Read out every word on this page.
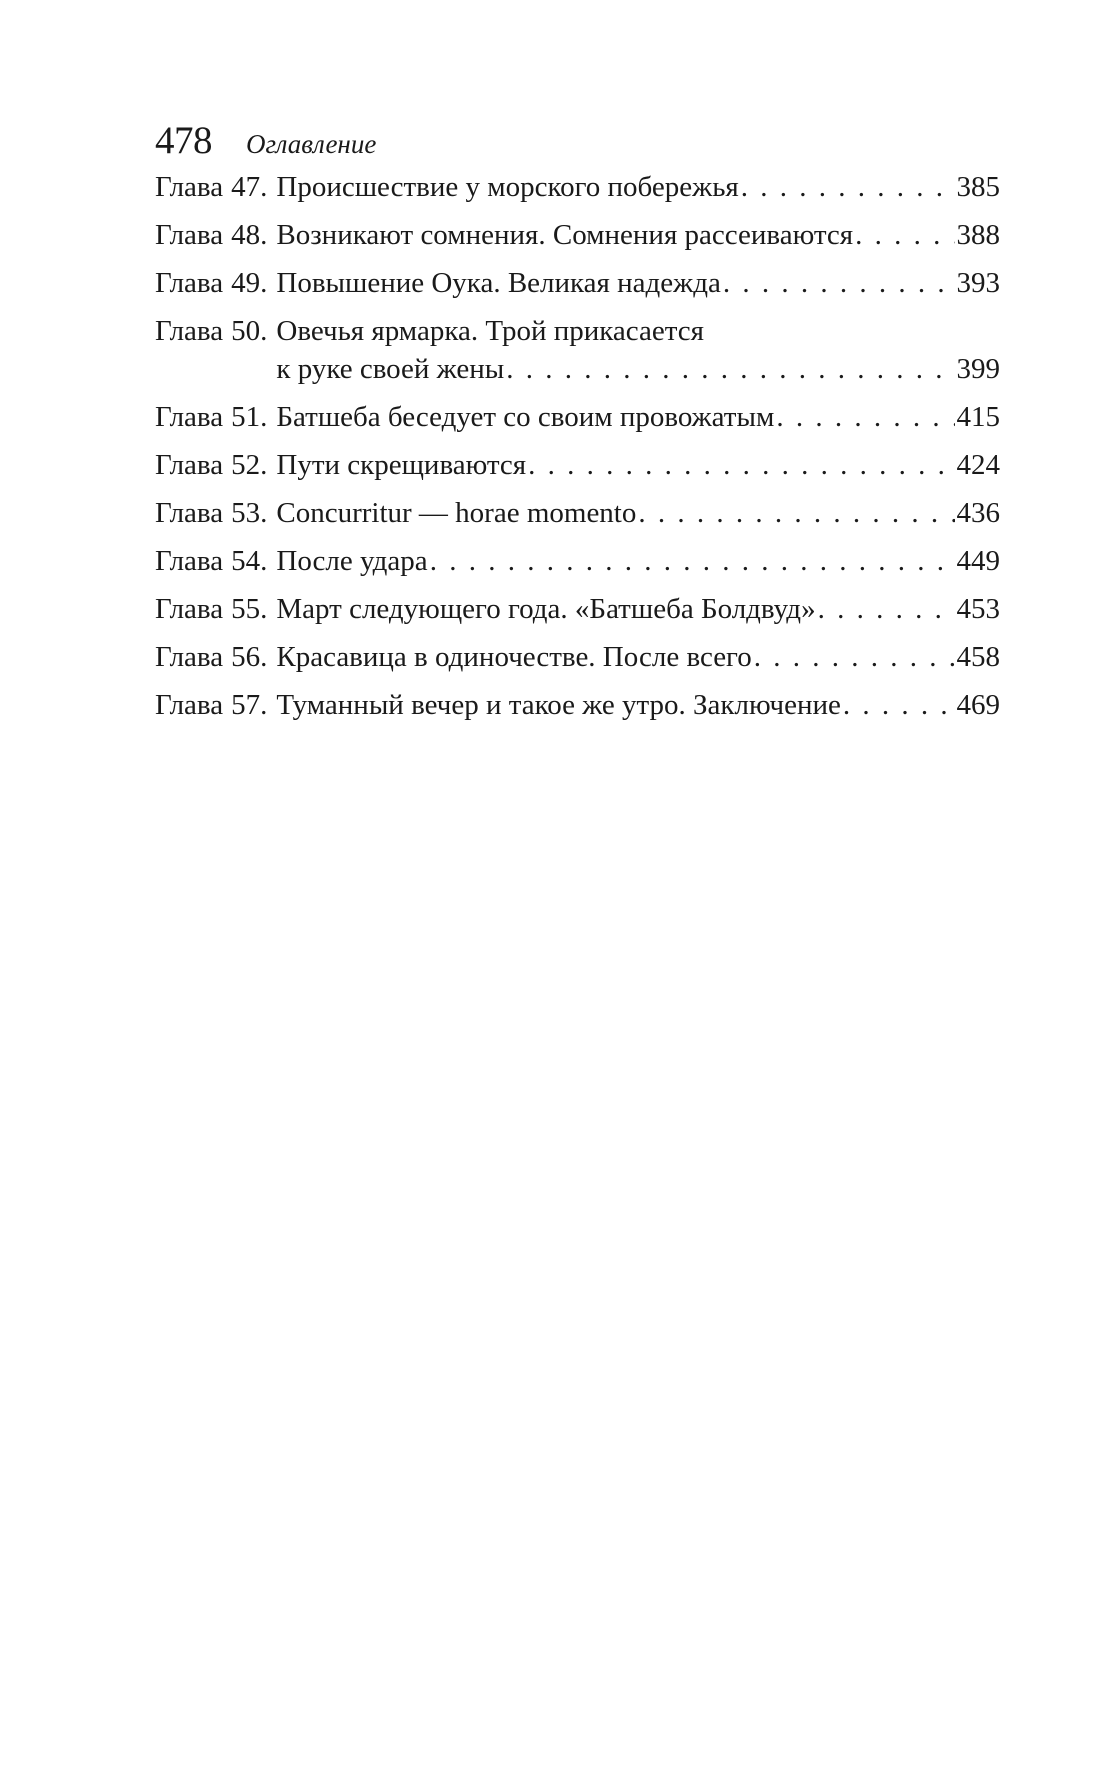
478 Оглавление
Глава 47. Происшествие у морского побережья . . .	385
Глава 48. Возникают сомнения. Сомнения рассеиваются . . .	388
Глава 49. Повышение Оука. Великая надежда . . .	393
Глава 50. Овечья ярмарка. Трой прикасается
к руке своей жены . . .	399
Глава 51. Батшеба беседует со своим провожатым . . .	415
Глава 52. Пути скрещиваются . . .	424
Глава 53. Concurritur — horae momento . . .	436
Глава 54. После удара . . .	449
Глава 55. Март следующего года. «Батшеба Болдвуд» . . .	453
Глава 56. Красавица в одиночестве. После всего . . .	458
Глава 57. Туманный вечер и такое же утро. Заключение . . .	469
